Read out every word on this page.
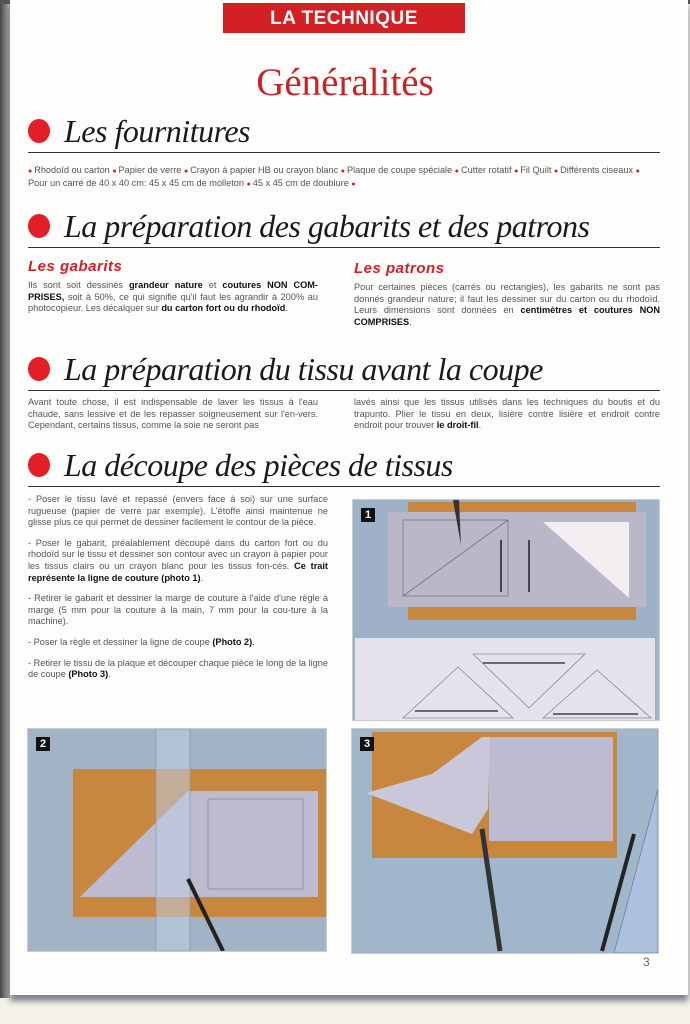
LA TECHNIQUE
Généralités
Les fournitures
● Rhodoïd ou carton ● Papier de verre ● Crayon à papier HB ou crayon blanc ● Plaque de coupe spéciale ● Cutter rotatif ● Fil Quilt ● Différents ciseaux ● Pour un carré de 40 x 40 cm: 45 x 45 cm de molleton ● 45 x 45 cm de doublure ●
La préparation des gabarits et des patrons
Les gabarits
Ils sont soit dessinés grandeur nature et coutures NON COM-PRISES, soit à 50%, ce qui signifie qu'il faut les agrandir à 200% au photocopieur. Les décalquer sur du carton fort ou du rhodoïd.
Les patrons
Pour certaines pièces (carrés ou rectangles), les gabarits ne sont pas donnés grandeur nature; il faut les dessiner sur du carton ou du rhodoïd. Leurs dimensions sont données en centimètres et coutures NON COMPRISES.
La préparation du tissu avant la coupe
Avant toute chose, il est indispensable de laver les tissus à l'eau chaude, sans lessive et de les repasser soigneusement sur l'en-vers. Cependant, certains tissus, comme la soie ne seront pas
lavés ainsi que les tissus utilisés dans les techniques du boutis et du trapunto. Plier le tissu en deux, lisière contre lisière et endroit contre endroit pour trouver le droit-fil.
La découpe des pièces de tissus
- Poser le tissu lavé et repassé (envers face à soi) sur une surface rugueuse (papier de verre par exemple). L'étoffe ainsi maintenue ne glisse plus ce qui permet de dessiner facilement le contour de la pièce.
- Poser le gabarit, préalablement découpé dans du carton fort ou du rhodoïd sur le tissu et dessiner son contour avec un crayon à papier pour les tissus clairs ou un crayon blanc pour les tissus fon-cés. Ce trait représente la ligne de couture (photo 1).
- Retirer le gabarit et dessiner la marge de couture à l'aide d'une règle à marge (5 mm pour la couture à la main, 7 mm pour la cou-ture à la machine).
- Poser la règle et dessiner la ligne de coupe (Photo 2).
- Retirer le tissu de la plaque et découper chaque pièce le long de la ligne de coupe (Photo 3).
1
2	3
3
